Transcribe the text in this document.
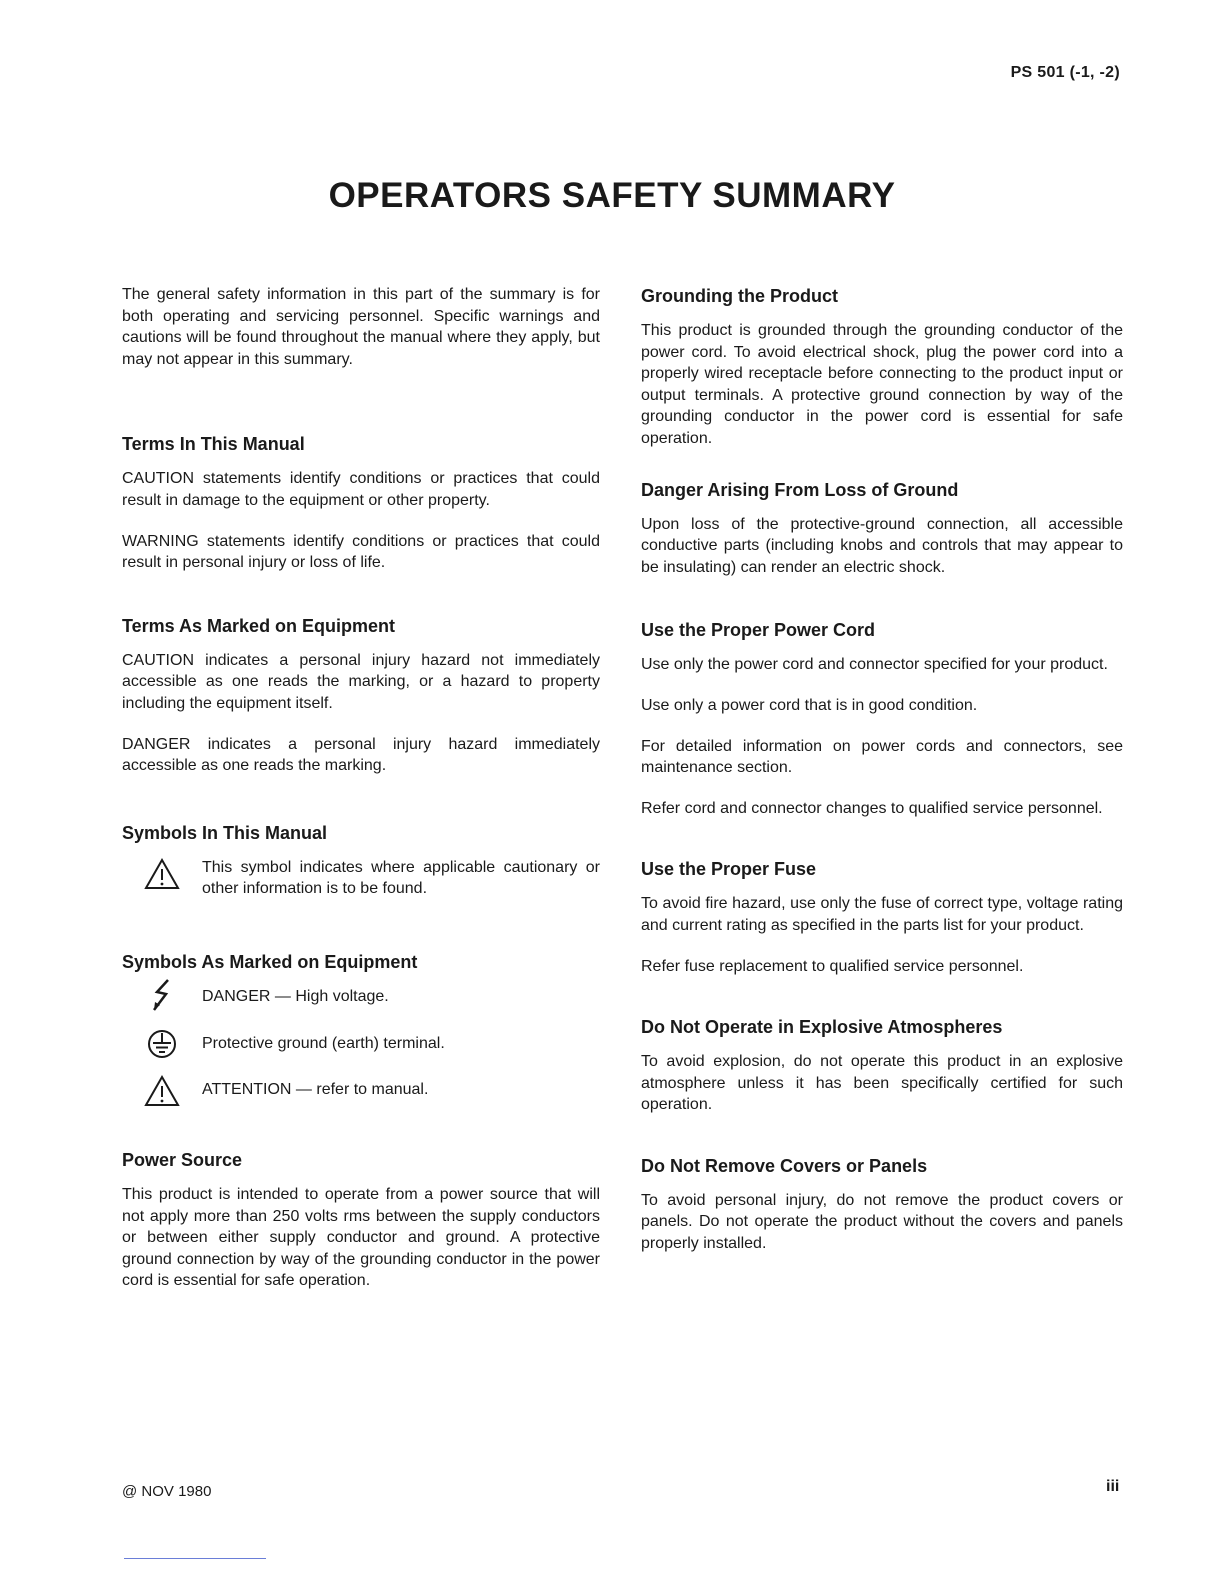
PS 501 (-1, -2)
OPERATORS SAFETY SUMMARY

The general safety information in this part of the summary is for both operating and servicing personnel. Specific warnings and cautions will be found throughout the manual where they apply, but may not appear in this summary.

Terms In This Manual

CAUTION statements identify conditions or practices that could result in damage to the equipment or other property.

WARNING statements identify conditions or practices that could result in personal injury or loss of life.

Terms As Marked on Equipment

CAUTION indicates a personal injury hazard not immediately accessible as one reads the marking, or a hazard to property including the equipment itself.

DANGER indicates a personal injury hazard immediately accessible as one reads the marking.

Symbols In This Manual
This symbol indicates where applicable cautionary or other information is to be found.
Symbols As Marked on Equipment
DANGER — High voltage.
Protective ground (earth) terminal.
ATTENTION — refer to manual.
Power Source

This product is intended to operate from a power source that will not apply more than 250 volts rms between the supply conductors or between either supply conductor and ground. A protective ground connection by way of the grounding conductor in the power cord is essential for safe operation.

Grounding the Product

This product is grounded through the grounding conductor of the power cord. To avoid electrical shock, plug the power cord into a properly wired receptacle before connecting to the product input or output terminals. A protective ground connection by way of the grounding conductor in the power cord is essential for safe operation.

Danger Arising From Loss of Ground

Upon loss of the protective-ground connection, all accessible conductive parts (including knobs and controls that may appear to be insulating) can render an electric shock.

Use the Proper Power Cord

Use only the power cord and connector specified for your product.

Use only a power cord that is in good condition.

For detailed information on power cords and connectors, see maintenance section.

Refer cord and connector changes to qualified service personnel.

Use the Proper Fuse

To avoid fire hazard, use only the fuse of correct type, voltage rating and current rating as specified in the parts list for your product.

Refer fuse replacement to qualified service personnel.

Do Not Operate in Explosive Atmospheres

To avoid explosion, do not operate this product in an explosive atmosphere unless it has been specifically certified for such operation.

Do Not Remove Covers or Panels

To avoid personal injury, do not remove the product covers or panels. Do not operate the product without the covers and panels properly installed.

@ NOV 1980	iii
